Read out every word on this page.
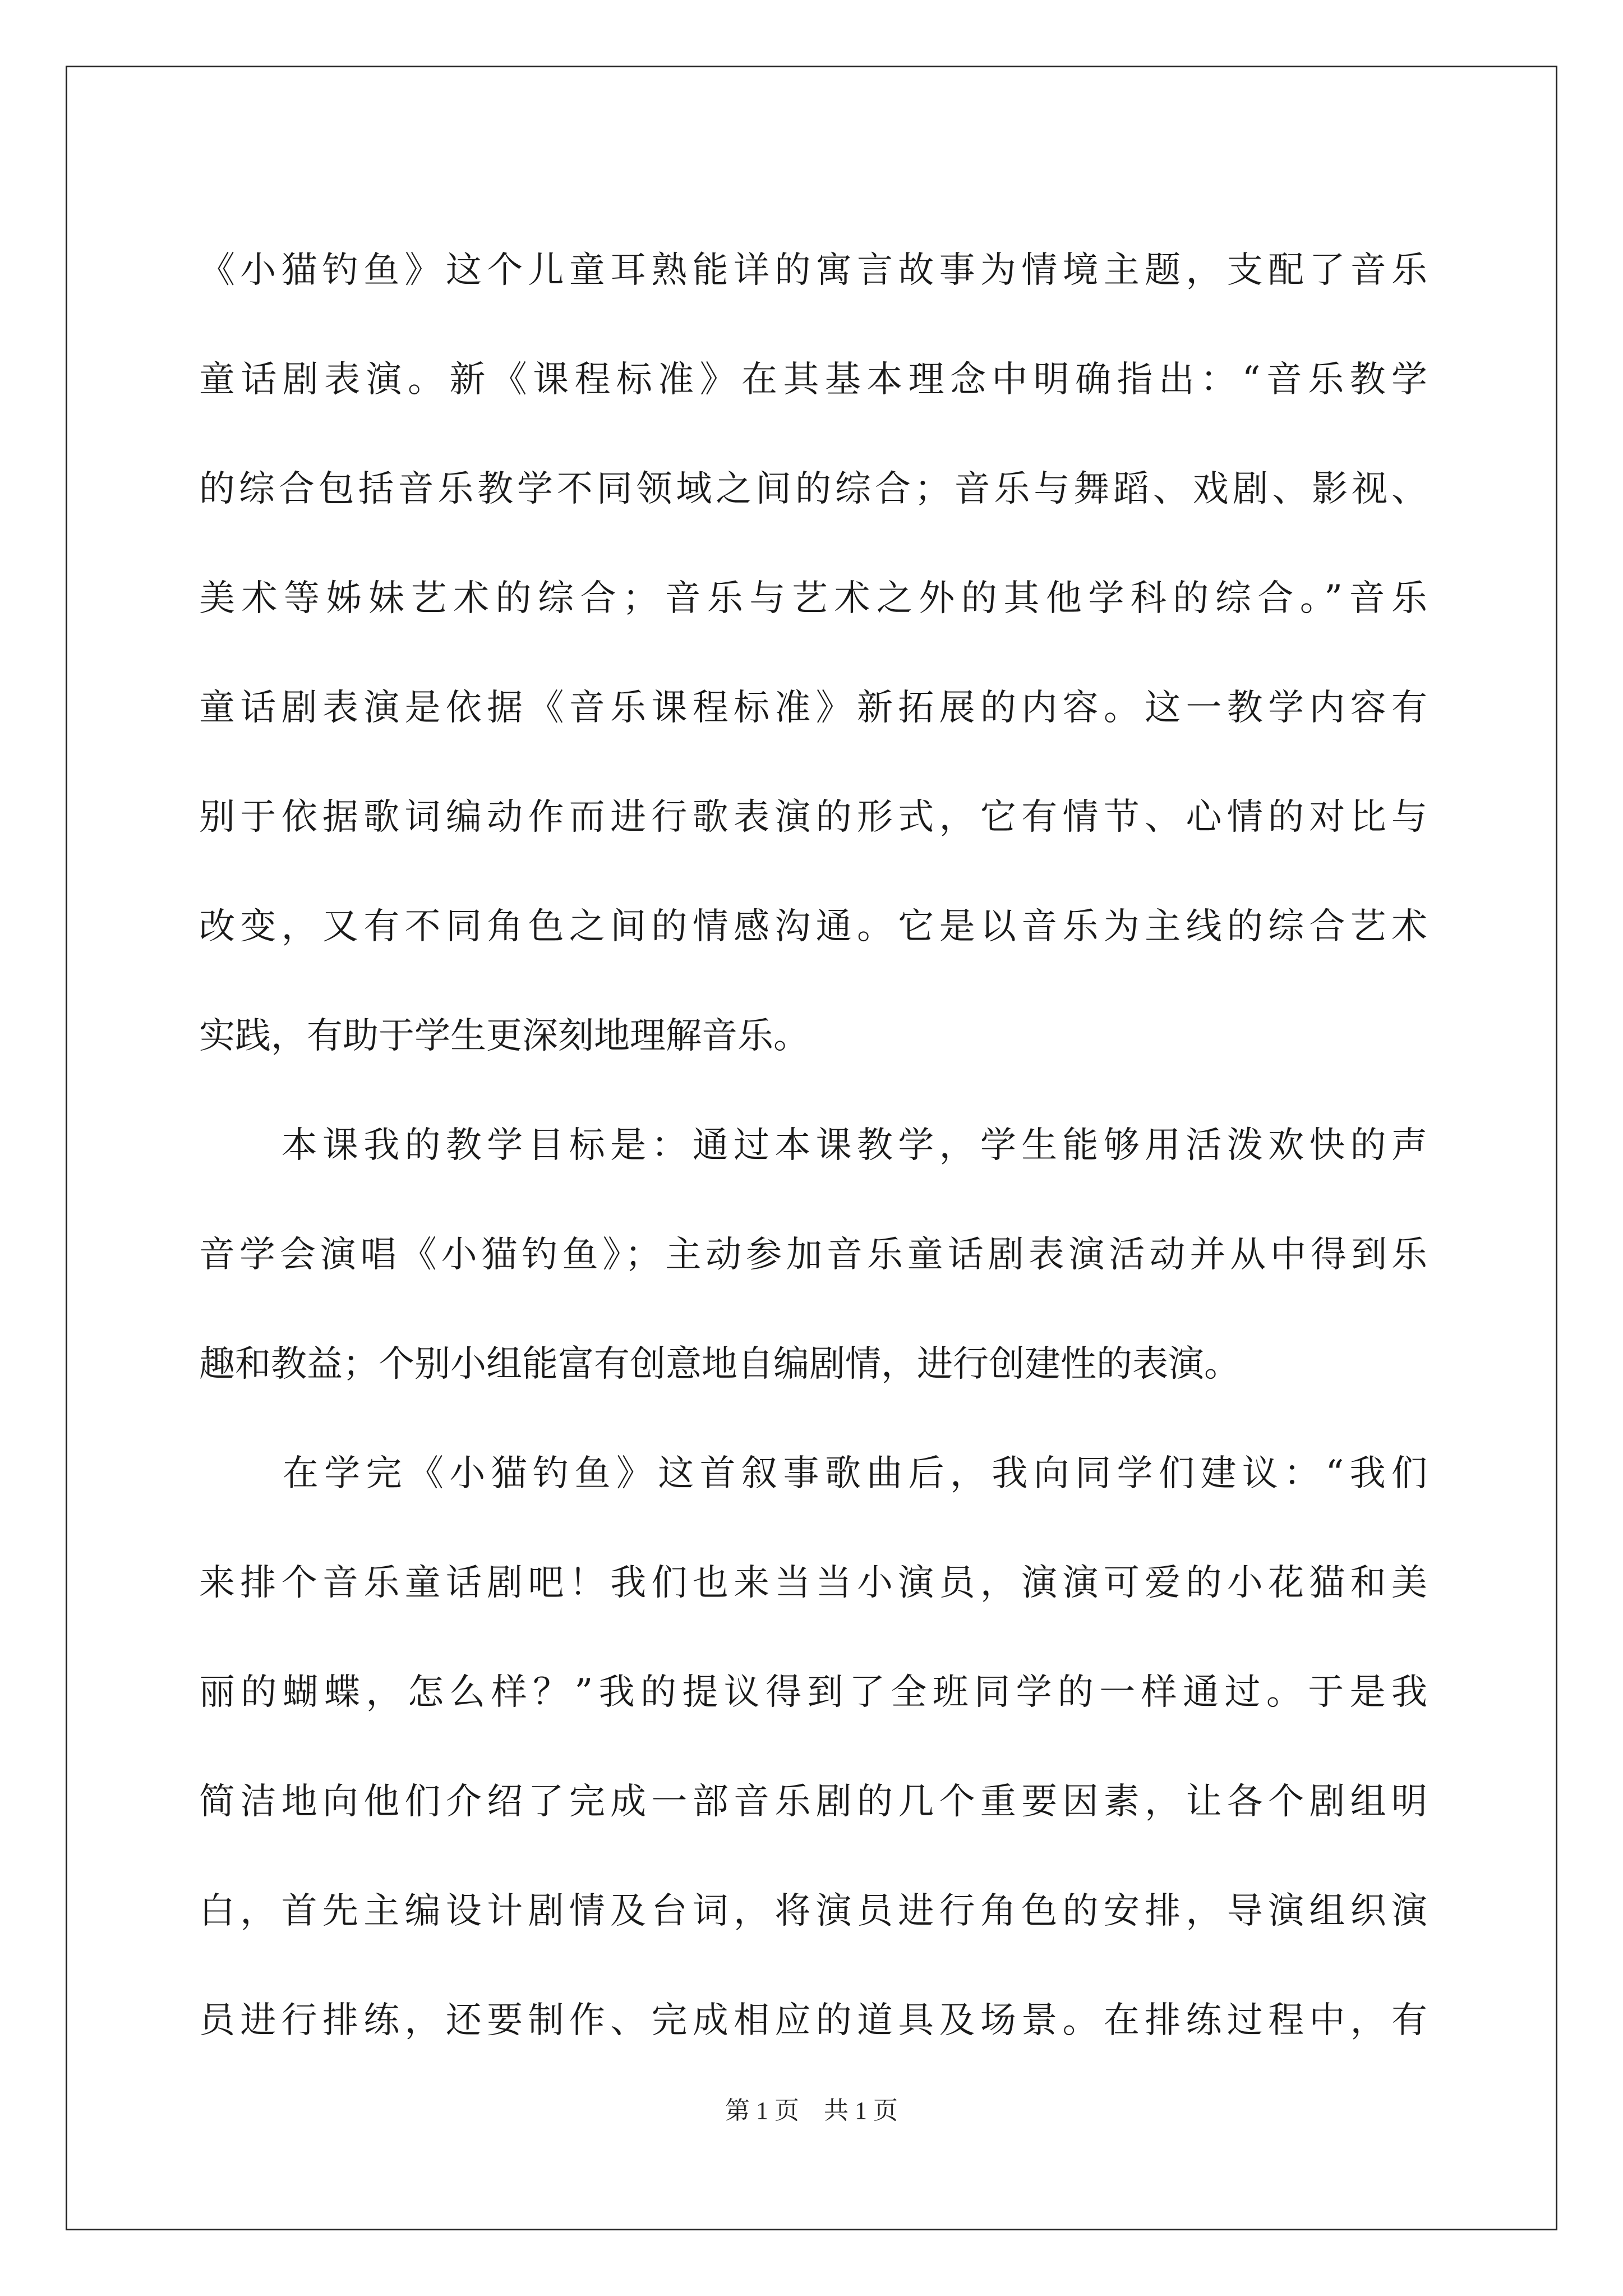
《小猫钓鱼》这个儿童耳熟能详的寓言故事为情境主题，支配了音乐
童话剧表演。新《课程标准》在其基本理念中明确指出：“音乐教学
的综合包括音乐教学不同领域之间的综合；音乐与舞蹈、戏剧、影视、
美术等姊妹艺术的综合；音乐与艺术之外的其他学科的综合。”音乐
童话剧表演是依据《音乐课程标准》新拓展的内容。这一教学内容有
别于依据歌词编动作而进行歌表演的形式，它有情节、心情的对比与
改变，又有不同角色之间的情感沟通。它是以音乐为主线的综合艺术
实践，有助于学生更深刻地理解音乐。
　　本课我的教学目标是：通过本课教学，学生能够用活泼欢快的声
音学会演唱《小猫钓鱼》；主动参加音乐童话剧表演活动并从中得到乐
趣和教益；个别小组能富有创意地自编剧情，进行创建性的表演。
　　在学完《小猫钓鱼》这首叙事歌曲后，我向同学们建议：“我们
来排个音乐童话剧吧！我们也来当当小演员，演演可爱的小花猫和美
丽的蝴蝶，怎么样？”我的提议得到了全班同学的一样通过。于是我
简洁地向他们介绍了完成一部音乐剧的几个重要因素，让各个剧组明
白，首先主编设计剧情及台词，将演员进行角色的安排，导演组织演
员进行排练，还要制作、完成相应的道具及场景。在排练过程中，有
第 1 页　共 1 页
